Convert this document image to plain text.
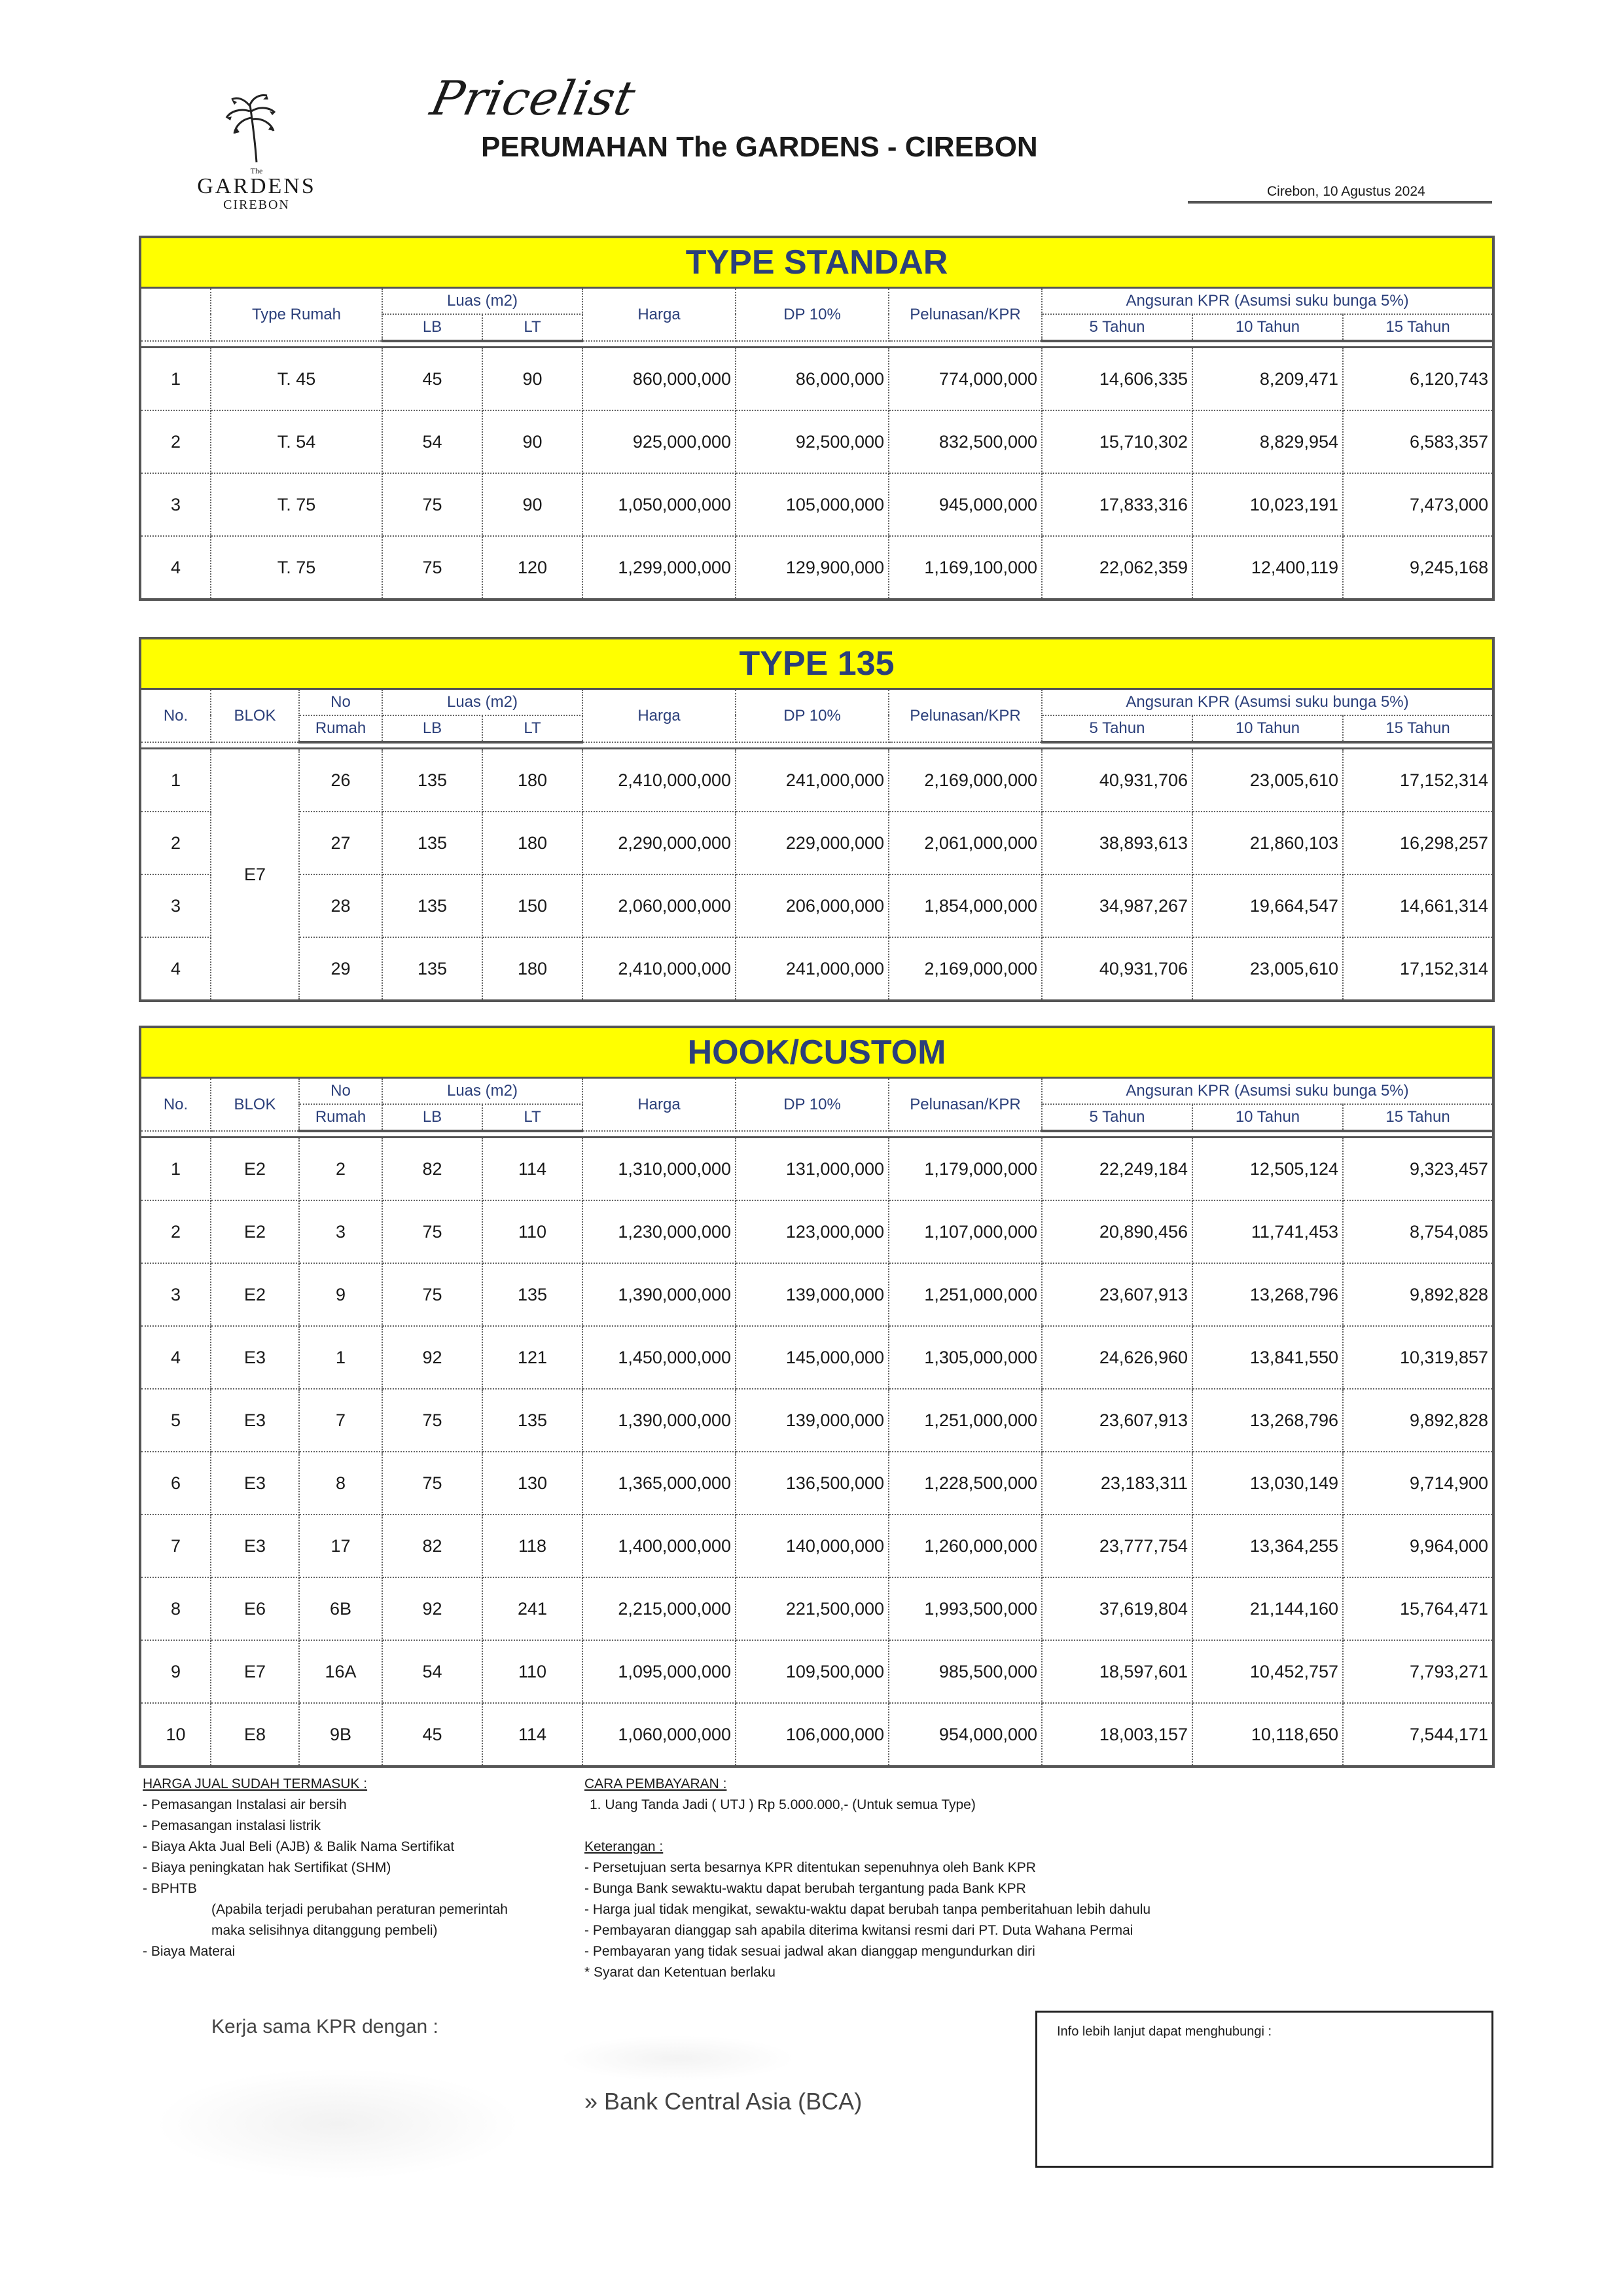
The
GARDENS
CIREBON
Pricelist
PERUMAHAN The GARDENS - CIREBON
Cirebon, 10 Agustus 2024
TYPE STANDAR									
	Type Rumah	Luas (m2)		Harga	DP 10%	Pelunasan/KPR	Angsuran KPR (Asumsi suku bunga 5%)		
		LB	LT				5 Tahun	10 Tahun	15 Tahun

1	T. 45	45	90	860,000,000	86,000,000	774,000,000	14,606,335	8,209,471	6,120,743
2	T. 54	54	90	925,000,000	92,500,000	832,500,000	15,710,302	8,829,954	6,583,357
3	T. 75	75	90	1,050,000,000	105,000,000	945,000,000	17,833,316	10,023,191	7,473,000
4	T. 75	75	120	1,299,000,000	129,900,000	1,169,100,000	22,062,359	12,400,119	9,245,168
TYPE 135										
No.	BLOK	No	Luas (m2)		Harga	DP 10%	Pelunasan/KPR	Angsuran KPR (Asumsi suku bunga 5%)		
		Rumah	LB	LT				5 Tahun	10 Tahun	15 Tahun

1	E7	26	135	180	2,410,000,000	241,000,000	2,169,000,000	40,931,706	23,005,610	17,152,314
2		27	135	180	2,290,000,000	229,000,000	2,061,000,000	38,893,613	21,860,103	16,298,257
3		28	135	150	2,060,000,000	206,000,000	1,854,000,000	34,987,267	19,664,547	14,661,314
4		29	135	180	2,410,000,000	241,000,000	2,169,000,000	40,931,706	23,005,610	17,152,314
HOOK/CUSTOM										
No.	BLOK	No	Luas (m2)		Harga	DP 10%	Pelunasan/KPR	Angsuran KPR (Asumsi suku bunga 5%)		
		Rumah	LB	LT				5 Tahun	10 Tahun	15 Tahun

1	E2	2	82	114	1,310,000,000	131,000,000	1,179,000,000	22,249,184	12,505,124	9,323,457
2	E2	3	75	110	1,230,000,000	123,000,000	1,107,000,000	20,890,456	11,741,453	8,754,085
3	E2	9	75	135	1,390,000,000	139,000,000	1,251,000,000	23,607,913	13,268,796	9,892,828
4	E3	1	92	121	1,450,000,000	145,000,000	1,305,000,000	24,626,960	13,841,550	10,319,857
5	E3	7	75	135	1,390,000,000	139,000,000	1,251,000,000	23,607,913	13,268,796	9,892,828
6	E3	8	75	130	1,365,000,000	136,500,000	1,228,500,000	23,183,311	13,030,149	9,714,900
7	E3	17	82	118	1,400,000,000	140,000,000	1,260,000,000	23,777,754	13,364,255	9,964,000
8	E6	6B	92	241	2,215,000,000	221,500,000	1,993,500,000	37,619,804	21,144,160	15,764,471
9	E7	16A	54	110	1,095,000,000	109,500,000	985,500,000	18,597,601	10,452,757	7,793,271
10	E8	9B	45	114	1,060,000,000	106,000,000	954,000,000	18,003,157	10,118,650	7,544,171
HARGA JUAL SUDAH TERMASUK :
- Pemasangan Instalasi air bersih
- Pemasangan instalasi listrik
- Biaya Akta Jual Beli (AJB) & Balik Nama Sertifikat
- Biaya peningkatan hak Sertifikat (SHM)
- BPHTB
(Apabila terjadi perubahan peraturan pemerintah
maka selisihnya ditanggung pembeli)
- Biaya Materai
CARA PEMBAYARAN :
1. Uang Tanda Jadi ( UTJ ) Rp 5.000.000,- (Untuk semua Type)
Keterangan :
- Persetujuan serta besarnya KPR ditentukan sepenuhnya oleh Bank KPR
- Bunga Bank sewaktu-waktu dapat berubah tergantung pada Bank KPR
- Harga jual tidak mengikat, sewaktu-waktu dapat berubah tanpa pemberitahuan lebih dahulu
- Pembayaran dianggap sah apabila diterima kwitansi resmi dari PT. Duta Wahana Permai
- Pembayaran yang tidak sesuai jadwal akan dianggap mengundurkan diri
* Syarat dan Ketentuan berlaku
Kerja sama KPR dengan :
» Bank Central Asia (BCA)
Info lebih lanjut dapat menghubungi :
